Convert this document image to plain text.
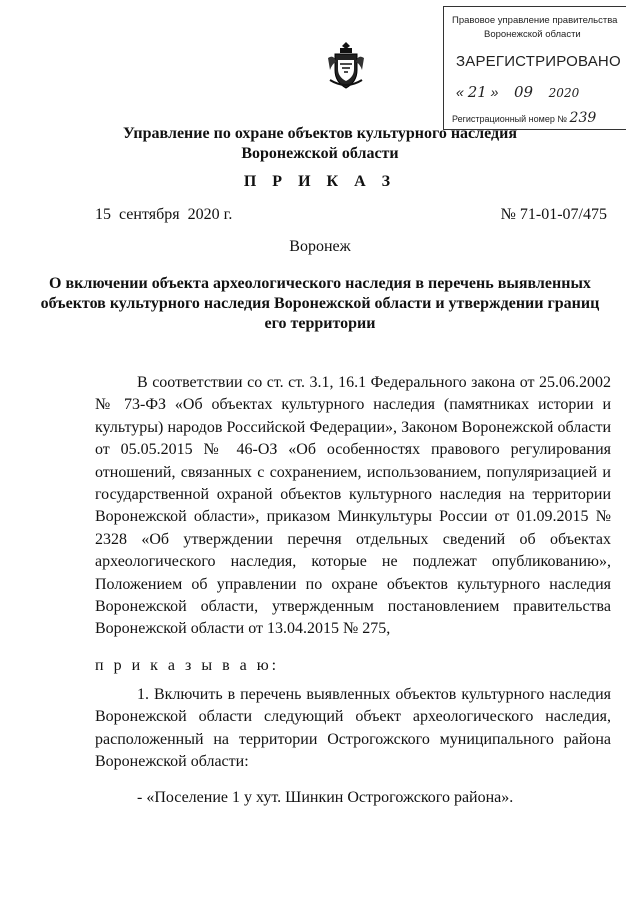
Правовое управление правительства
Воронежской области
ЗАРЕГИСТРИРОВАНО
« 21 »    09 2020
Регистрационный номер № 239
Управление по охране объектов культурного наследия
Воронежской области
П Р И К А З
15  сентября  2020 г.	№ 71-01-07/475
Воронеж
О включении объекта археологического наследия в перечень выявленных объектов культурного наследия Воронежской области и утверждении границ его территории
В соответствии со ст. ст. 3.1, 16.1 Федерального закона от 25.06.2002 № 73-ФЗ «Об объектах культурного наследия (памятниках истории и культуры) народов Российской Федерации», Законом Воронежской области от 05.05.2015 № 46-ОЗ «Об особенностях правового регулирования отношений, связанных с сохранением, использованием, популяризацией и государственной охраной объектов культурного наследия на территории Воронежской области», приказом Минкультуры России от 01.09.2015 № 2328 «Об утверждении перечня отдельных сведений об объектах археологического наследия, которые не подлежат опубликованию», Положением об управлении по охране объектов культурного наследия Воронежской области, утвержденным постановлением правительства Воронежской области от 13.04.2015 № 275,
п р и к а з ы в а ю:
1. Включить в перечень выявленных объектов культурного наследия Воронежской области следующий объект археологического наследия, расположенный на территории Острогожского муниципального района Воронежской области:
- «Поселение 1 у хут. Шинкин Острогожского района».
